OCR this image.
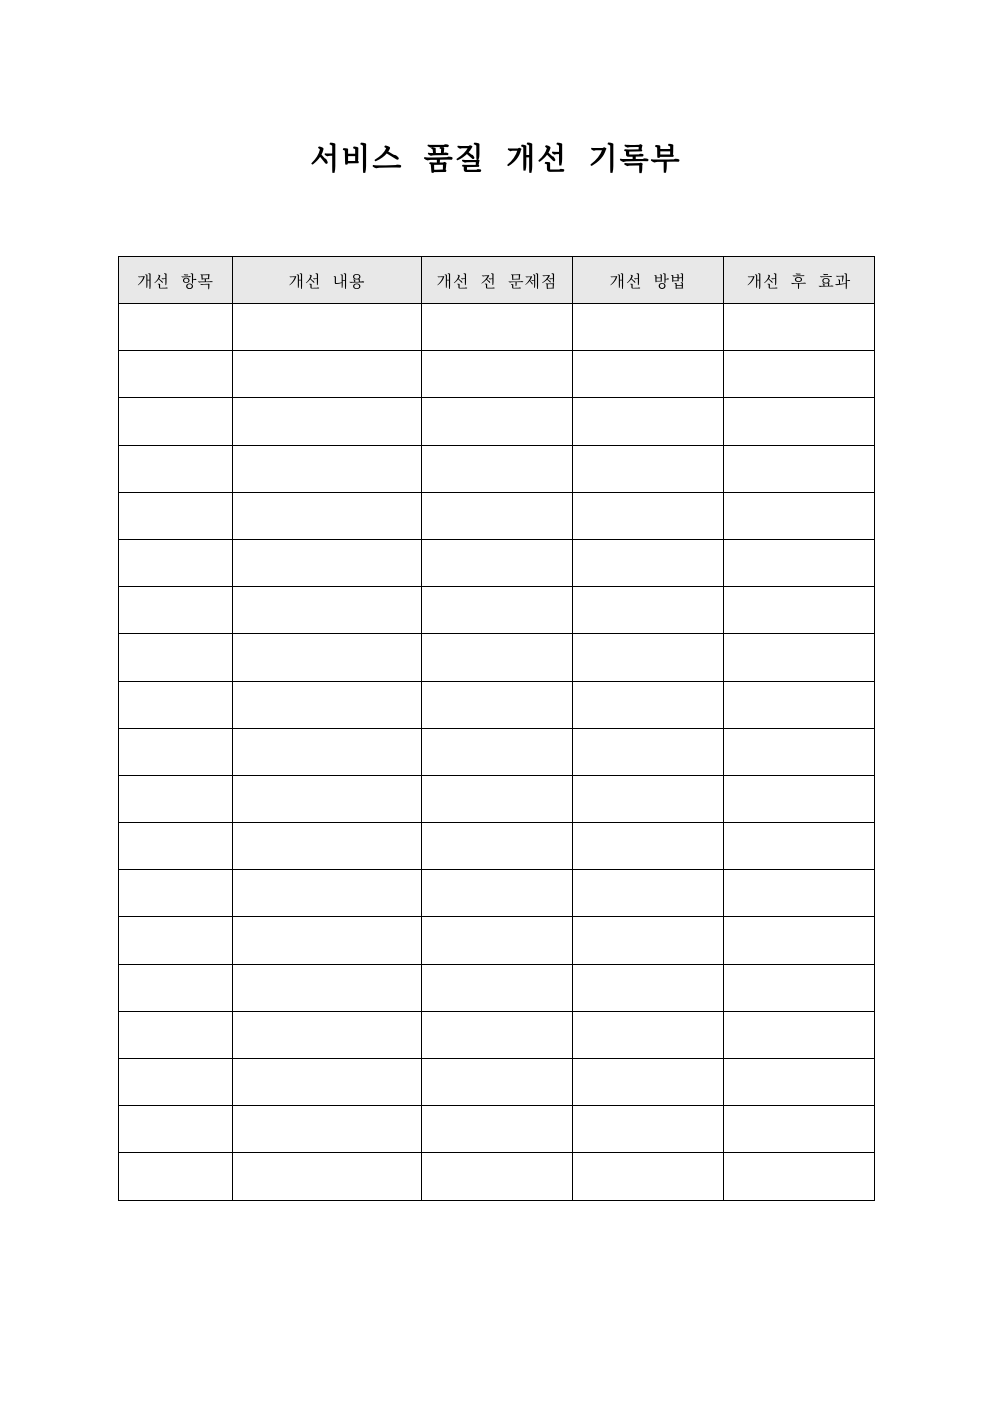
서비스 품질 개선 기록부
개선 항목	개선 내용	개선 전 문제점	개선 방법	개선 후 효과
